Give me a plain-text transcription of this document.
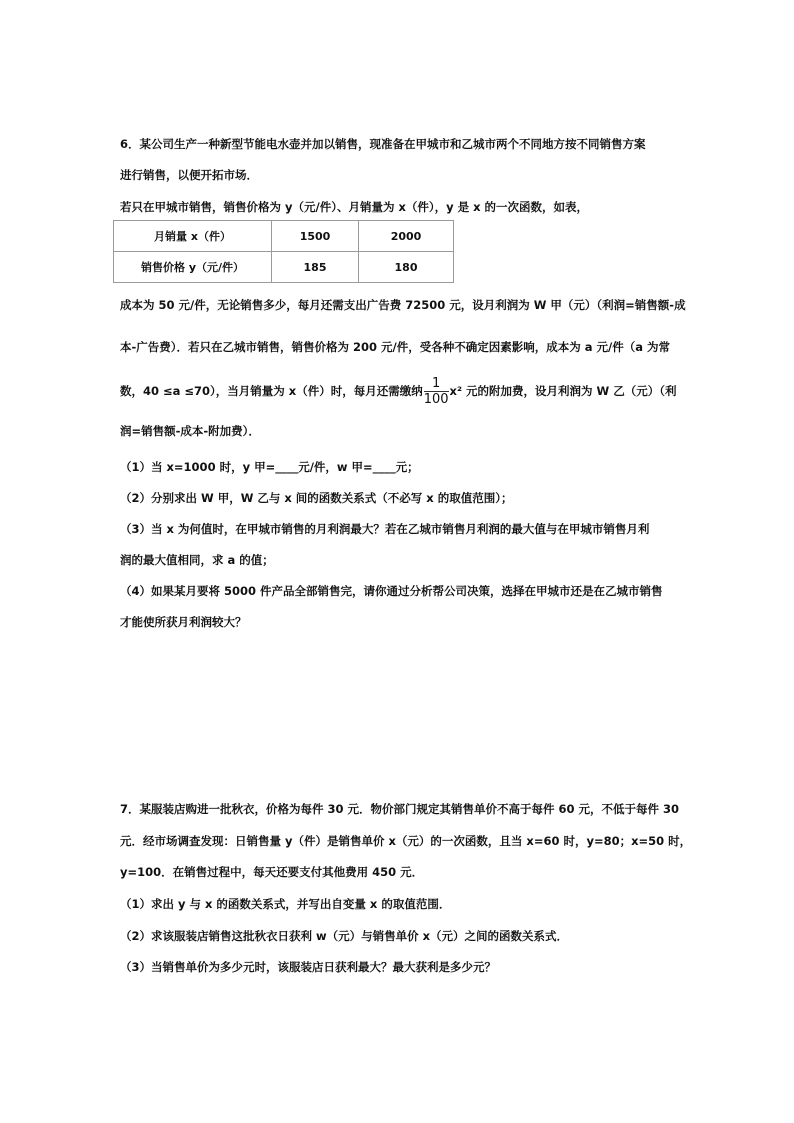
6．某公司生产一种新型节能电水壶并加以销售，现准备在甲城市和乙城市两个不同地方按不同销售方案
进行销售，以便开拓市场．
若只在甲城市销售，销售价格为 y（元/件）、月销量为 x（件），y 是 x 的一次函数，如表，
月销量 x（件）	1500	2000
销售价格 y（元/件）	185	180
成本为 50 元/件，无论销售多少，每月还需支出广告费 72500 元，设月利润为 W 甲（元）（利润=销售额-成
本-广告费）．若只在乙城市销售，销售价格为 200 元/件，受各种不确定因素影响，成本为 a 元/件（a 为常
数，40 ≤a ≤70），当月销量为 x（件）时，每月还需缴纳 $\frac{1}{100} x^2$ 元的附加费，设月利润为 W 乙（元）（利
润=销售额-成本-附加费）．
（1）当 x=1000 时，y 甲=____元/件，w 甲=____元；
（2）分别求出 W 甲，W 乙与 x 间的函数关系式（不必写 x 的取值范围）；
（3）当 x 为何值时，在甲城市销售的月利润最大？若在乙城市销售月利润的最大值与在甲城市销售月利
润的最大值相同，求 a 的值；
（4）如果某月要将 5000 件产品全部销售完，请你通过分析帮公司决策，选择在甲城市还是在乙城市销售
才能使所获月利润较大？
7．某服装店购进一批秋衣，价格为每件 30 元．物价部门规定其销售单价不高于每件 60 元，不低于每件 30
元．经市场调查发现：日销售量 y（件）是销售单价 x（元）的一次函数，且当 x=60 时，y=80；x=50 时，
y=100．在销售过程中，每天还要支付其他费用 450 元．
（1）求出 y 与 x 的函数关系式，并写出自变量 x 的取值范围．
（2）求该服装店销售这批秋衣日获利 w（元）与销售单价 x（元）之间的函数关系式．
（3）当销售单价为多少元时，该服装店日获利最大？最大获利是多少元？
